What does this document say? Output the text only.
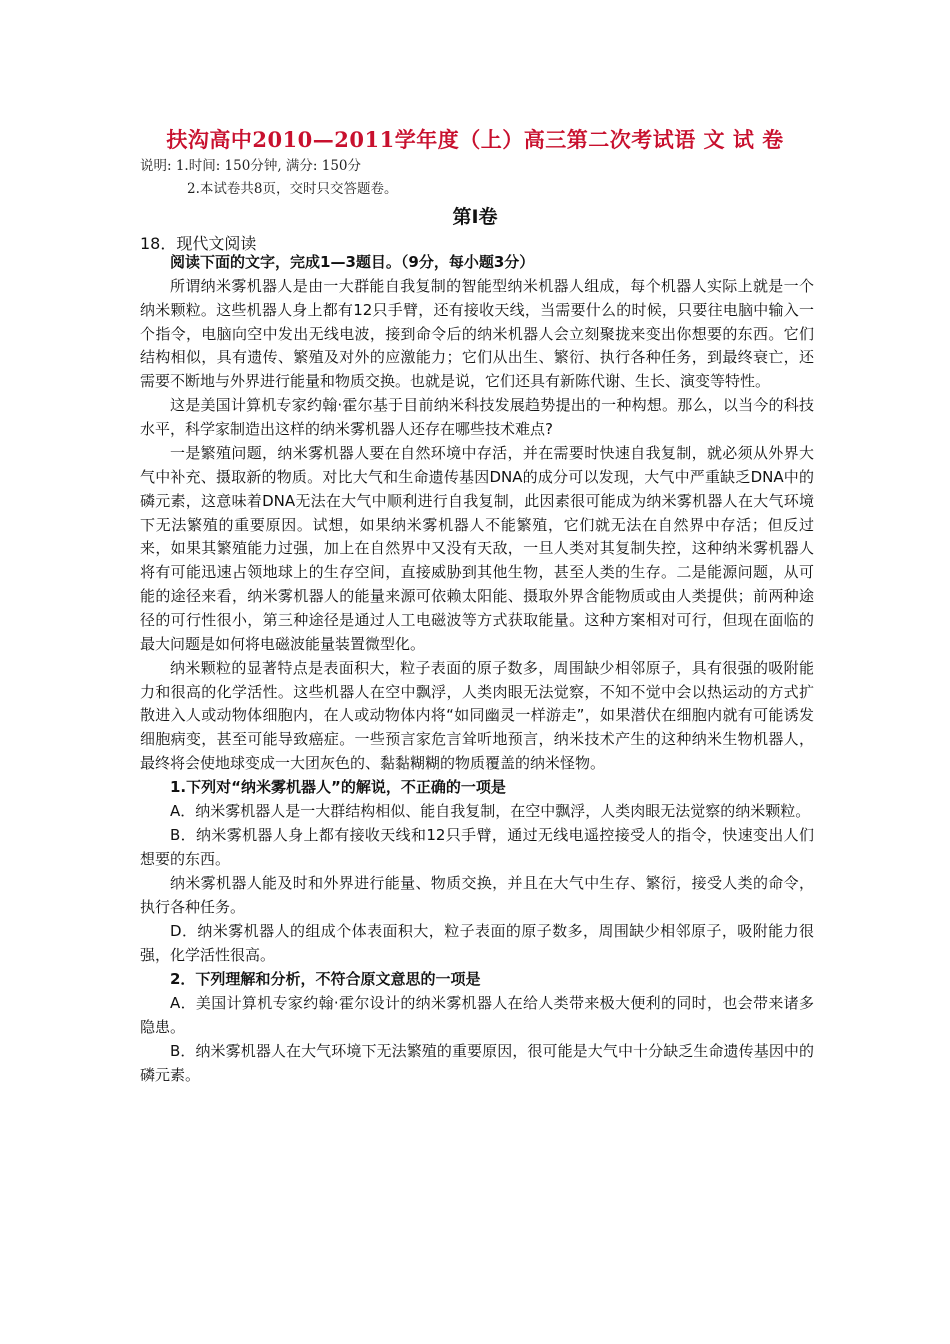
扶沟高中2010—2011学年度（上）高三第二次考试语 文 试 卷
说明: 1.时间: 150分钟, 满分: 150分
2.本试卷共8页，交时只交答题卷。
第Ⅰ卷
18．现代文阅读

阅读下面的文字，完成1—3题目。（9分，每小题3分）

所谓纳米雾机器人是由一大群能自我复制的智能型纳米机器人组成，每个机器人实际上就是一个纳米颗粒。这些机器人身上都有12只手臂，还有接收天线，当需要什么的时候，只要往电脑中输入一个指令，电脑向空中发出无线电波，接到命令后的纳米机器人会立刻聚拢来变出你想要的东西。它们结构相似，具有遗传、繁殖及对外的应激能力；它们从出生、繁衍、执行各种任务，到最终衰亡，还需要不断地与外界进行能量和物质交换。也就是说，它们还具有新陈代谢、生长、演变等特性。

这是美国计算机专家约翰·霍尔基于目前纳米科技发展趋势提出的一种构想。那么，以当今的科技水平，科学家制造出这样的纳米雾机器人还存在哪些技术难点?

一是繁殖问题，纳米雾机器人要在自然环境中存活，并在需要时快速自我复制，就必须从外界大气中补充、摄取新的物质。对比大气和生命遗传基因DNA的成分可以发现，大气中严重缺乏DNA中的磷元素，这意味着DNA无法在大气中顺利进行自我复制，此因素很可能成为纳米雾机器人在大气环境下无法繁殖的重要原因。试想，如果纳米雾机器人不能繁殖，它们就无法在自然界中存活；但反过来，如果其繁殖能力过强，加上在自然界中又没有天敌，一旦人类对其复制失控，这种纳米雾机器人将有可能迅速占领地球上的生存空间，直接威胁到其他生物，甚至人类的生存。二是能源问题，从可能的途径来看，纳米雾机器人的能量来源可依赖太阳能、摄取外界含能物质或由人类提供；前两种途径的可行性很小，第三种途径是通过人工电磁波等方式获取能量。这种方案相对可行，但现在面临的最大问题是如何将电磁波能量装置微型化。

纳米颗粒的显著特点是表面积大，粒子表面的原子数多，周围缺少相邻原子，具有很强的吸附能力和很高的化学活性。这些机器人在空中飘浮，人类肉眼无法觉察，不知不觉中会以热运动的方式扩散进入人或动物体细胞内，在人或动物体内将“如同幽灵一样游走”，如果潜伏在细胞内就有可能诱发细胞病变，甚至可能导致癌症。一些预言家危言耸听地预言，纳米技术产生的这种纳米生物机器人，最终将会使地球变成一大团灰色的、黏黏糊糊的物质覆盖的纳米怪物。

1.下列对“纳米雾机器人”的解说，不正确的一项是

A．纳米雾机器人是一大群结构相似、能自我复制，在空中飘浮，人类肉眼无法觉察的纳米颗粒。

B．纳米雾机器人身上都有接收天线和12只手臂，通过无线电遥控接受人的指令，快速变出人们想要的东西。

纳米雾机器人能及时和外界进行能量、物质交换，并且在大气中生存、繁衍，接受人类的命令，执行各种任务。

D．纳米雾机器人的组成个体表面积大，粒子表面的原子数多，周围缺少相邻原子，吸附能力很强，化学活性很高。

2．下列理解和分析，不符合原文意思的一项是

A．美国计算机专家约翰·霍尔设计的纳米雾机器人在给人类带来极大便利的同时，也会带来诸多隐患。

B．纳米雾机器人在大气环境下无法繁殖的重要原因，很可能是大气中十分缺乏生命遗传基因中的磷元素。
